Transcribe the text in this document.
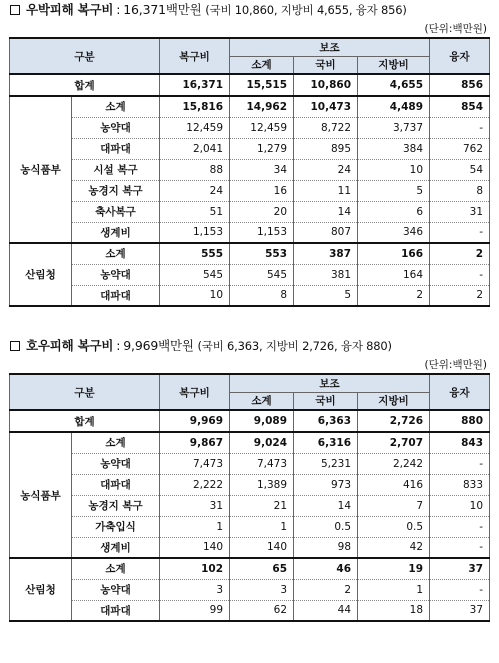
우박피해 복구비 : 16,371백만원 (국비 10,860, 지방비 4,655, 융자 856)
(단위:백만원)
구분		복구비	보조			융자
			소계	국비	지방비	
합계		16,371	15,515	10,860	4,655	856
농식품부	소계	15,816	14,962	10,473	4,489	854
	농약대	12,459	12,459	8,722	3,737	-
	대파대	2,041	1,279	895	384	762
	시설 복구	88	34	24	10	54
	농경지 복구	24	16	11	5	8
	축사복구	51	20	14	6	31
	생계비	1,153	1,153	807	346	-
산림청	소계	555	553	387	166	2
	농약대	545	545	381	164	-
	대파대	10	8	5	2	2
호우피해 복구비 : 9,969백만원 (국비 6,363, 지방비 2,726, 융자 880)
(단위:백만원)
구분		복구비	보조			융자
			소계	국비	지방비	
합계		9,969	9,089	6,363	2,726	880
농식품부	소계	9,867	9,024	6,316	2,707	843
	농약대	7,473	7,473	5,231	2,242	-
	대파대	2,222	1,389	973	416	833
	농경지 복구	31	21	14	7	10
	가축입식	1	1	0.5	0.5	-
	생계비	140	140	98	42	-
산림청	소계	102	65	46	19	37
	농약대	3	3	2	1	-
	대파대	99	62	44	18	37
